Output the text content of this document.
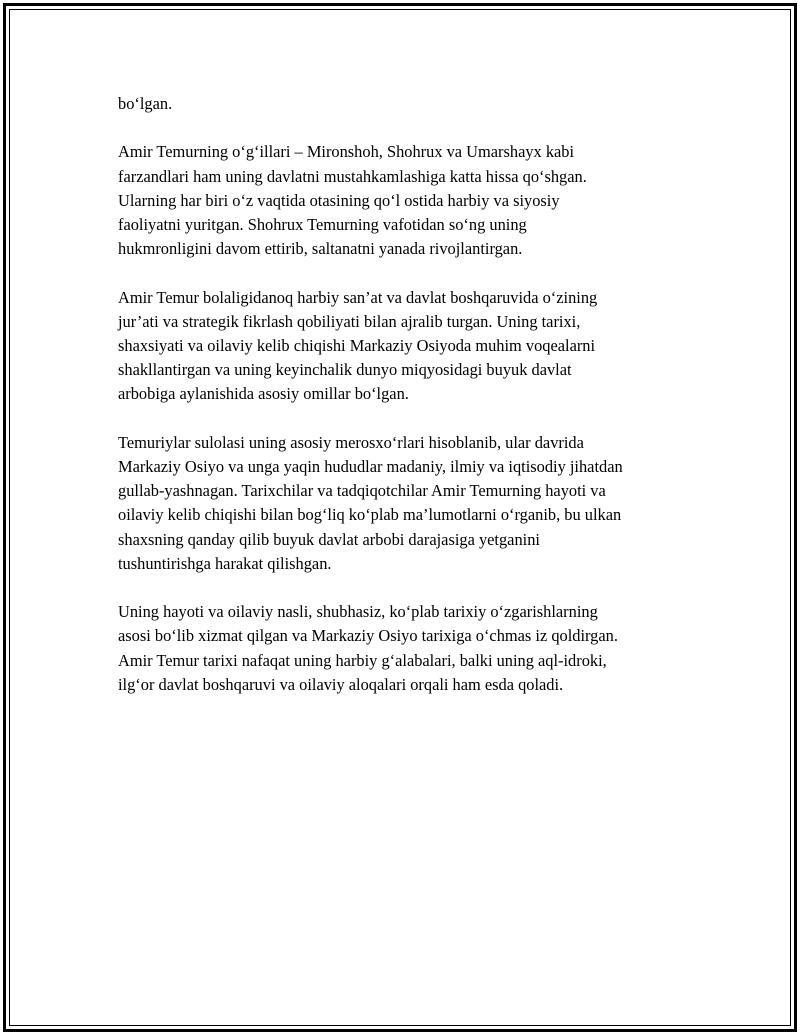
bo‘lgan.

Amir Temurning o‘g‘illari – Mironshoh, Shohrux va Umarshayx kabi
farzandlari ham uning davlatni mustahkamlashiga katta hissa qo‘shgan.
Ularning har biri o‘z vaqtida otasining qo‘l ostida harbiy va siyosiy
faoliyatni yuritgan. Shohrux Temurning vafotidan so‘ng uning
hukmronligini davom ettirib, saltanatni yanada rivojlantirgan.

Amir Temur bolaligidanoq harbiy san’at va davlat boshqaruvida o‘zining
jur’ati va strategik fikrlash qobiliyati bilan ajralib turgan. Uning tarixi,
shaxsiyati va oilaviy kelib chiqishi Markaziy Osiyoda muhim voqealarni
shakllantirgan va uning keyinchalik dunyo miqyosidagi buyuk davlat
arbobiga aylanishida asosiy omillar bo‘lgan.

Temuriylar sulolasi uning asosiy merosxo‘rlari hisoblanib, ular davrida
Markaziy Osiyo va unga yaqin hududlar madaniy, ilmiy va iqtisodiy jihatdan
gullab-yashnagan. Tarixchilar va tadqiqotchilar Amir Temurning hayoti va
oilaviy kelib chiqishi bilan bog‘liq ko‘plab ma’lumotlarni o‘rganib, bu ulkan
shaxsning qanday qilib buyuk davlat arbobi darajasiga yetganini
tushuntirishga harakat qilishgan.

Uning hayoti va oilaviy nasli, shubhasiz, ko‘plab tarixiy o‘zgarishlarning
asosi bo‘lib xizmat qilgan va Markaziy Osiyo tarixiga o‘chmas iz qoldirgan.
Amir Temur tarixi nafaqat uning harbiy g‘alabalari, balki uning aql-idroki,
ilg‘or davlat boshqaruvi va oilaviy aloqalari orqali ham esda qoladi.
